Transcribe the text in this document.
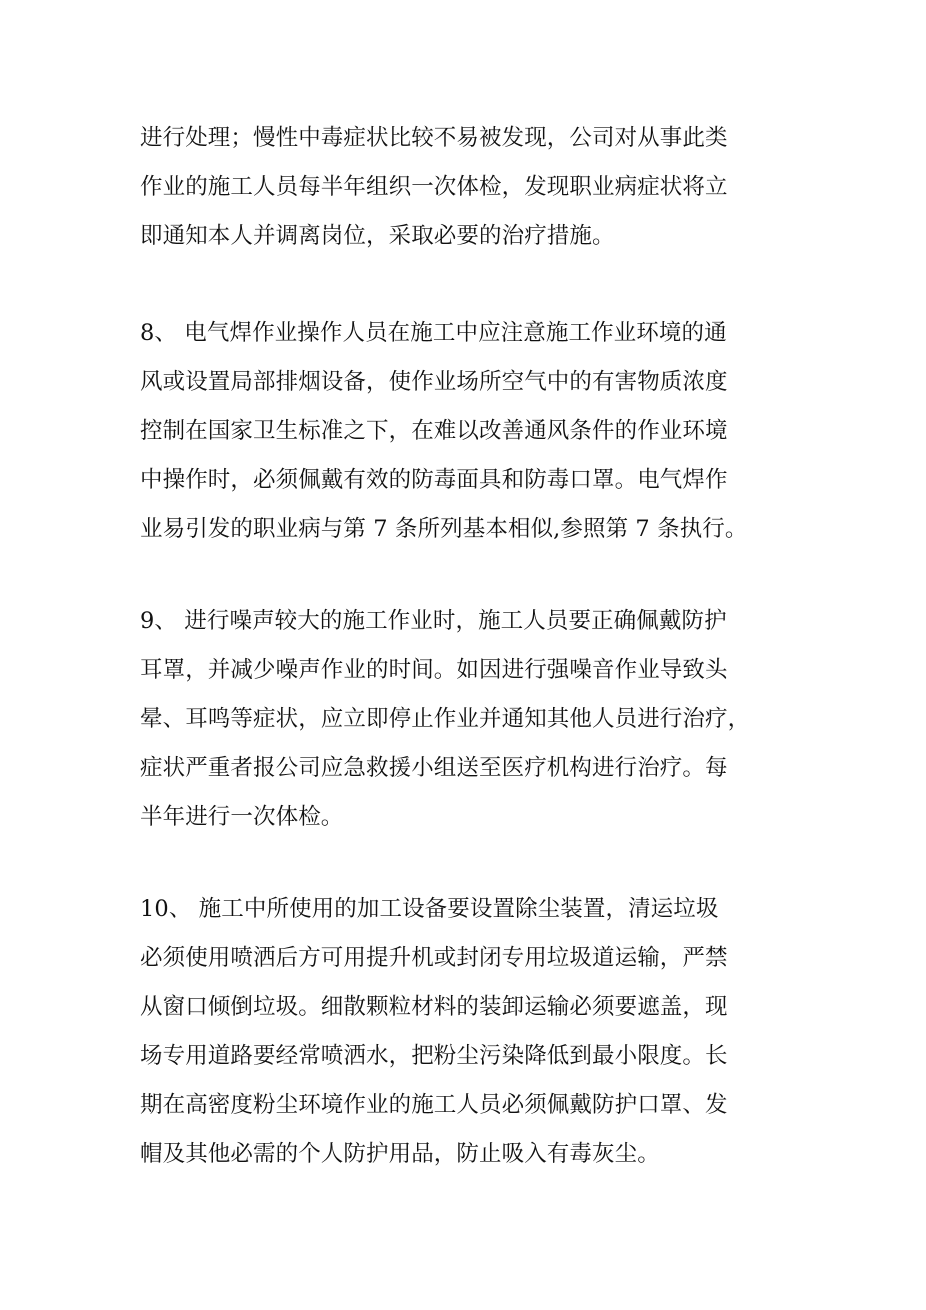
进行处理；慢性中毒症状比较不易被发现，公司对从事此类
作业的施工人员每半年组织一次体检，发现职业病症状将立
即通知本人并调离岗位，采取必要的治疗措施。
8、 电气焊作业操作人员在施工中应注意施工作业环境的通
风或设置局部排烟设备，使作业场所空气中的有害物质浓度
控制在国家卫生标准之下，在难以改善通风条件的作业环境
中操作时，必须佩戴有效的防毒面具和防毒口罩。电气焊作
业易引发的职业病与第 7 条所列基本相似,参照第 7 条执行。
9、 进行噪声较大的施工作业时，施工人员要正确佩戴防护
耳罩，并减少噪声作业的时间。如因进行强噪音作业导致头
晕、耳鸣等症状，应立即停止作业并通知其他人员进行治疗，
症状严重者报公司应急救援小组送至医疗机构进行治疗。每
半年进行一次体检。
10、 施工中所使用的加工设备要设置除尘装置，清运垃圾
必须使用喷洒后方可用提升机或封闭专用垃圾道运输，严禁
从窗口倾倒垃圾。细散颗粒材料的装卸运输必须要遮盖，现
场专用道路要经常喷洒水，把粉尘污染降低到最小限度。长
期在高密度粉尘环境作业的施工人员必须佩戴防护口罩、发
帽及其他必需的个人防护用品，防止吸入有毒灰尘。
